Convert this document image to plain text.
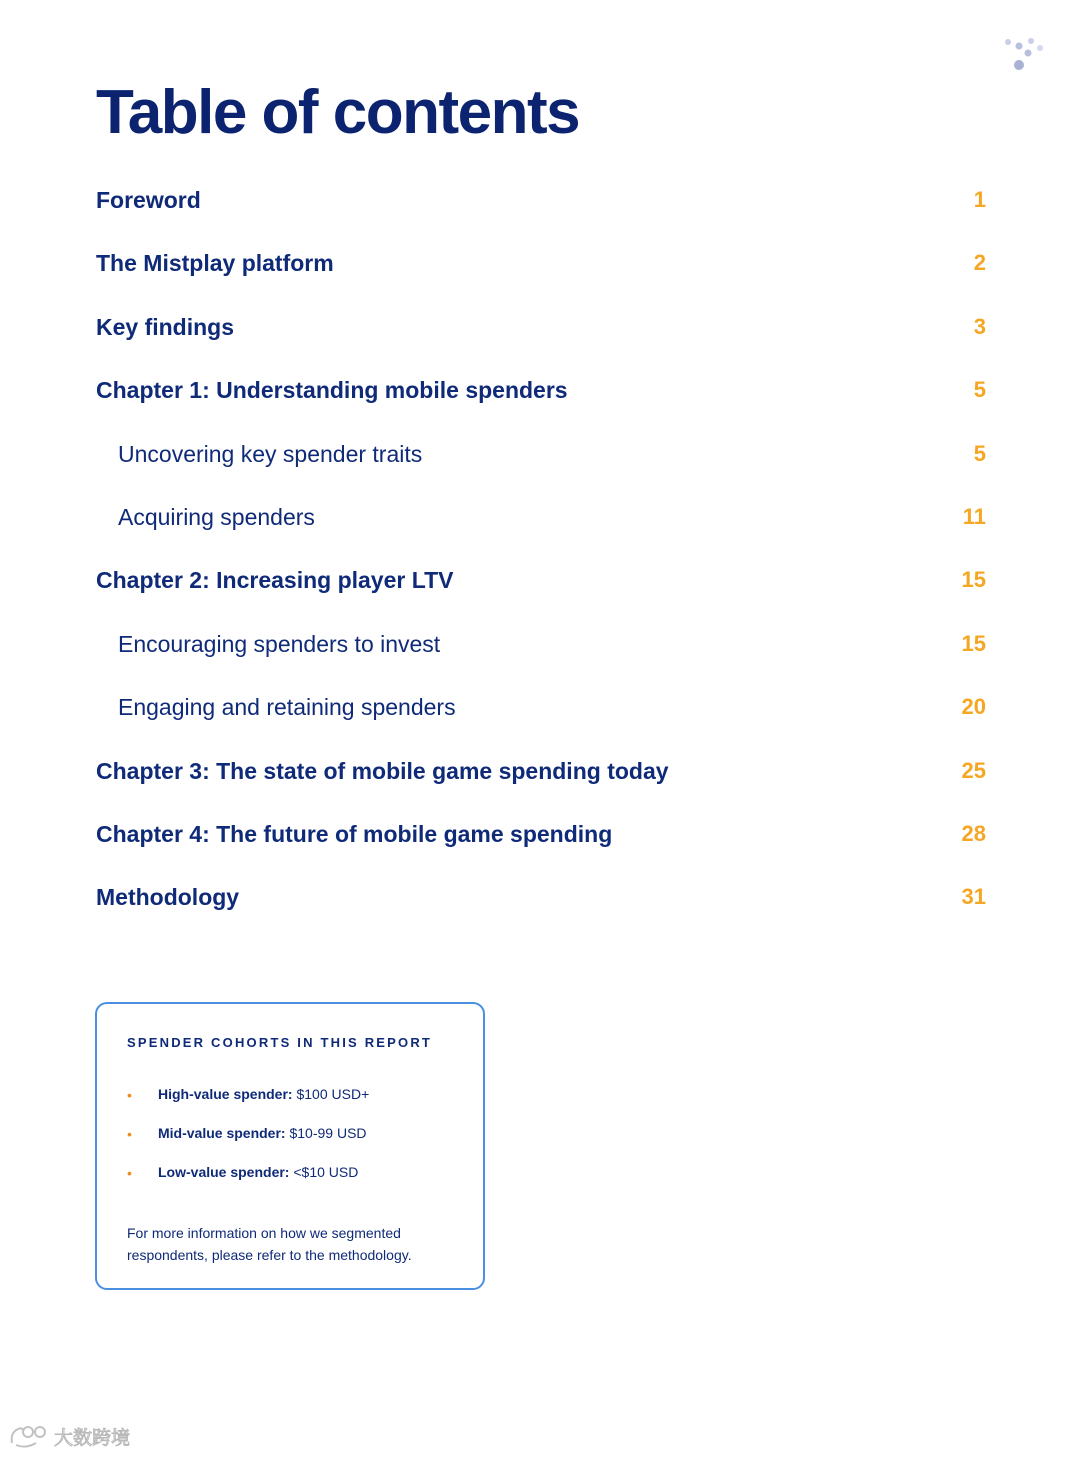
Table of contents
Foreword	1
The Mistplay platform	2
Key findings	3
Chapter 1: Understanding mobile spenders	5
Uncovering key spender traits	5
Acquiring spenders	11
Chapter 2: Increasing player LTV	15
Encouraging spenders to invest	15
Engaging and retaining spenders	20
Chapter 3: The state of mobile game spending today	25
Chapter 4: The future of mobile game spending	28
Methodology	31
SPENDER COHORTS IN THIS REPORT
• High-value spender: $100 USD+
• Mid-value spender: $10-99 USD
• Low-value spender: <$10 USD
For more information on how we segmented respondents, please refer to the methodology.
大数跨境
